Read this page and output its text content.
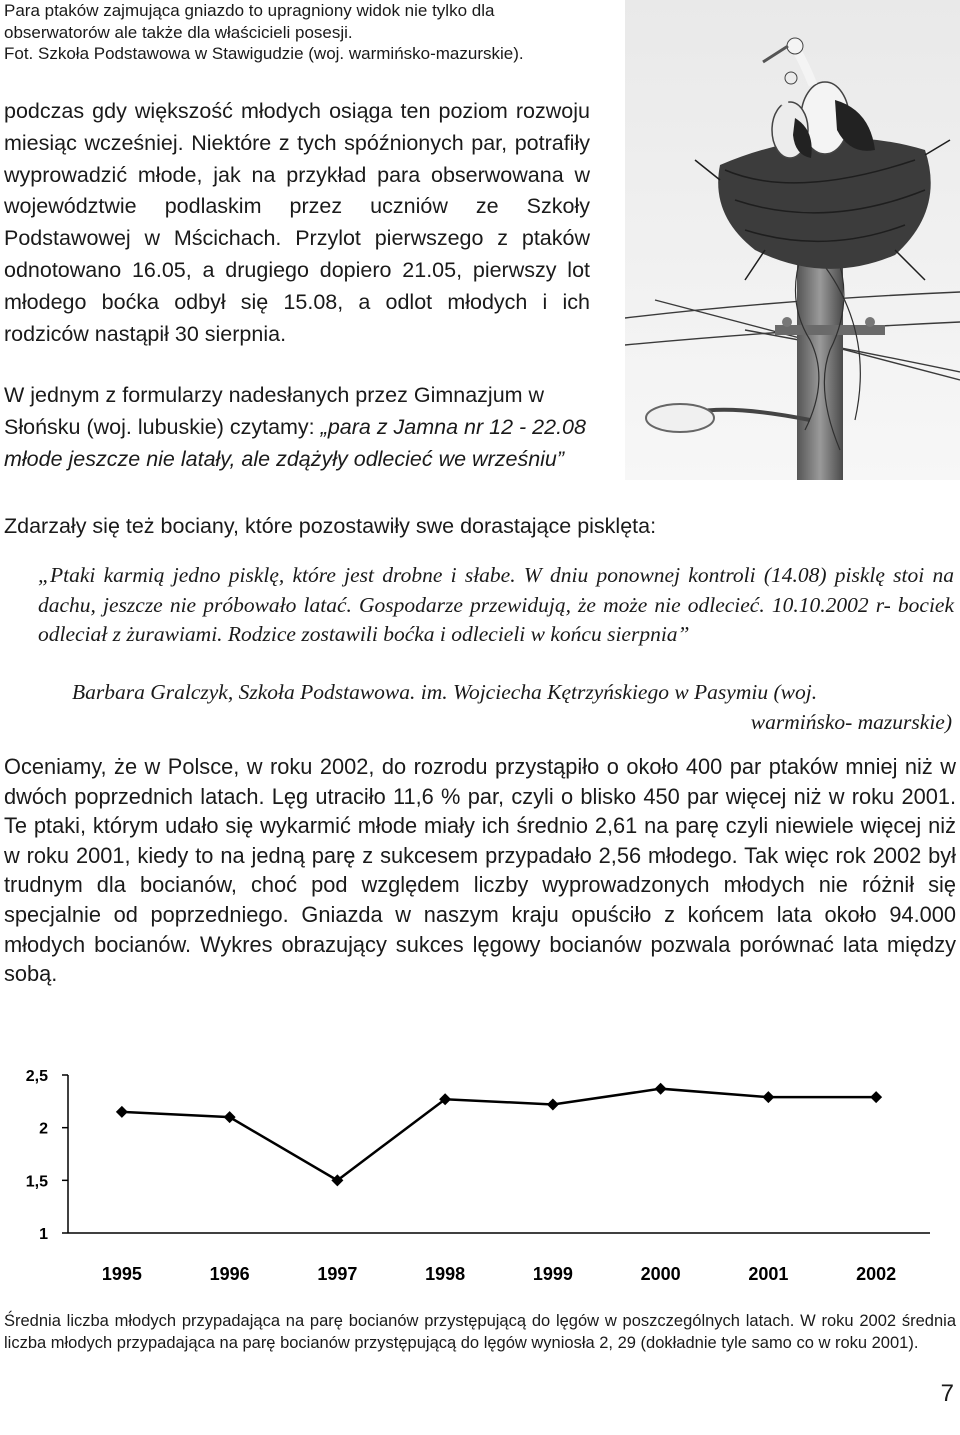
Para ptaków zajmująca gniazdo to upragniony widok nie tylko dla
obserwatorów ale także dla właścicieli posesji.
Fot. Szkoła Podstawowa w Stawigudzie (woj. warmińsko-mazurskie).

podczas gdy większość młodych osiąga ten poziom rozwoju miesiąc wcześniej. Niektóre z tych spóźnionych par, potrafiły wyprowadzić młode, jak na przykład para obserwowana w województwie podlaskim przez uczniów ze Szkoły Podstawowej w Mścichach. Przylot pierwszego z ptaków odnotowano 16.05, a drugiego dopiero 21.05, pierwszy lot młodego boćka odbył się 15.08, a odlot młodych i ich rodziców nastąpił 30 sierpnia.

W jednym z formularzy nadesłanych przez Gimnazjum w Słońsku (woj. lubuskie) czytamy: „para z Jamna nr 12 - 22.08 młode jeszcze nie latały, ale zdążyły odlecieć we wrześniu”
Zdarzały się też bociany, które pozostawiły swe dorastające pisklęta:

„Ptaki karmią jedno pisklę, które jest drobne i słabe. W dniu ponownej kontroli (14.08) pisklę stoi na dachu, jeszcze nie próbowało latać. Gospodarze przewidują, że może nie odlecieć. 10.10.2002 r- bociek odleciał z żurawiami. Rodzice zostawili boćka i odlecieli w końcu sierpnia”

Barbara Gralczyk, Szkoła Podstawowa. im. Wojciecha Kętrzyńskiego w Pasymiu (woj.
warmińsko- mazurskie)

Oceniamy, że w Polsce, w roku 2002, do rozrodu przystąpiło o około 400 par ptaków mniej niż w dwóch poprzednich latach. Lęg utraciło 11,6 % par, czyli o blisko 450 par więcej niż w roku 2001. Te ptaki, którym udało się wykarmić młode miały ich średnio 2,61 na parę czyli niewiele więcej niż w roku 2001, kiedy to na jedną parę z sukcesem przypadało 2,56 młodego. Tak więc rok 2002 był trudnym dla bocianów, choć pod względem liczby wyprowadzonych młodych nie różnił się specjalnie od poprzedniego. Gniazda w naszym kraju opuściło z końcem lata około 94.000 młodych bocianów. Wykres obrazujący sukces lęgowy bocianów pozwala porównać lata między sobą.

2,5
2
1,5
1
1995	1996	1997	1998	1999	2000	2001	2002

Średnia liczba młodych przypadająca na parę bocianów przystępującą do lęgów w poszczególnych latach. W roku 2002 średnia liczba młodych przypadająca na parę bocianów przystępującą do lęgów wyniosła 2, 29 (dokładnie tyle samo co w roku 2001).

7
